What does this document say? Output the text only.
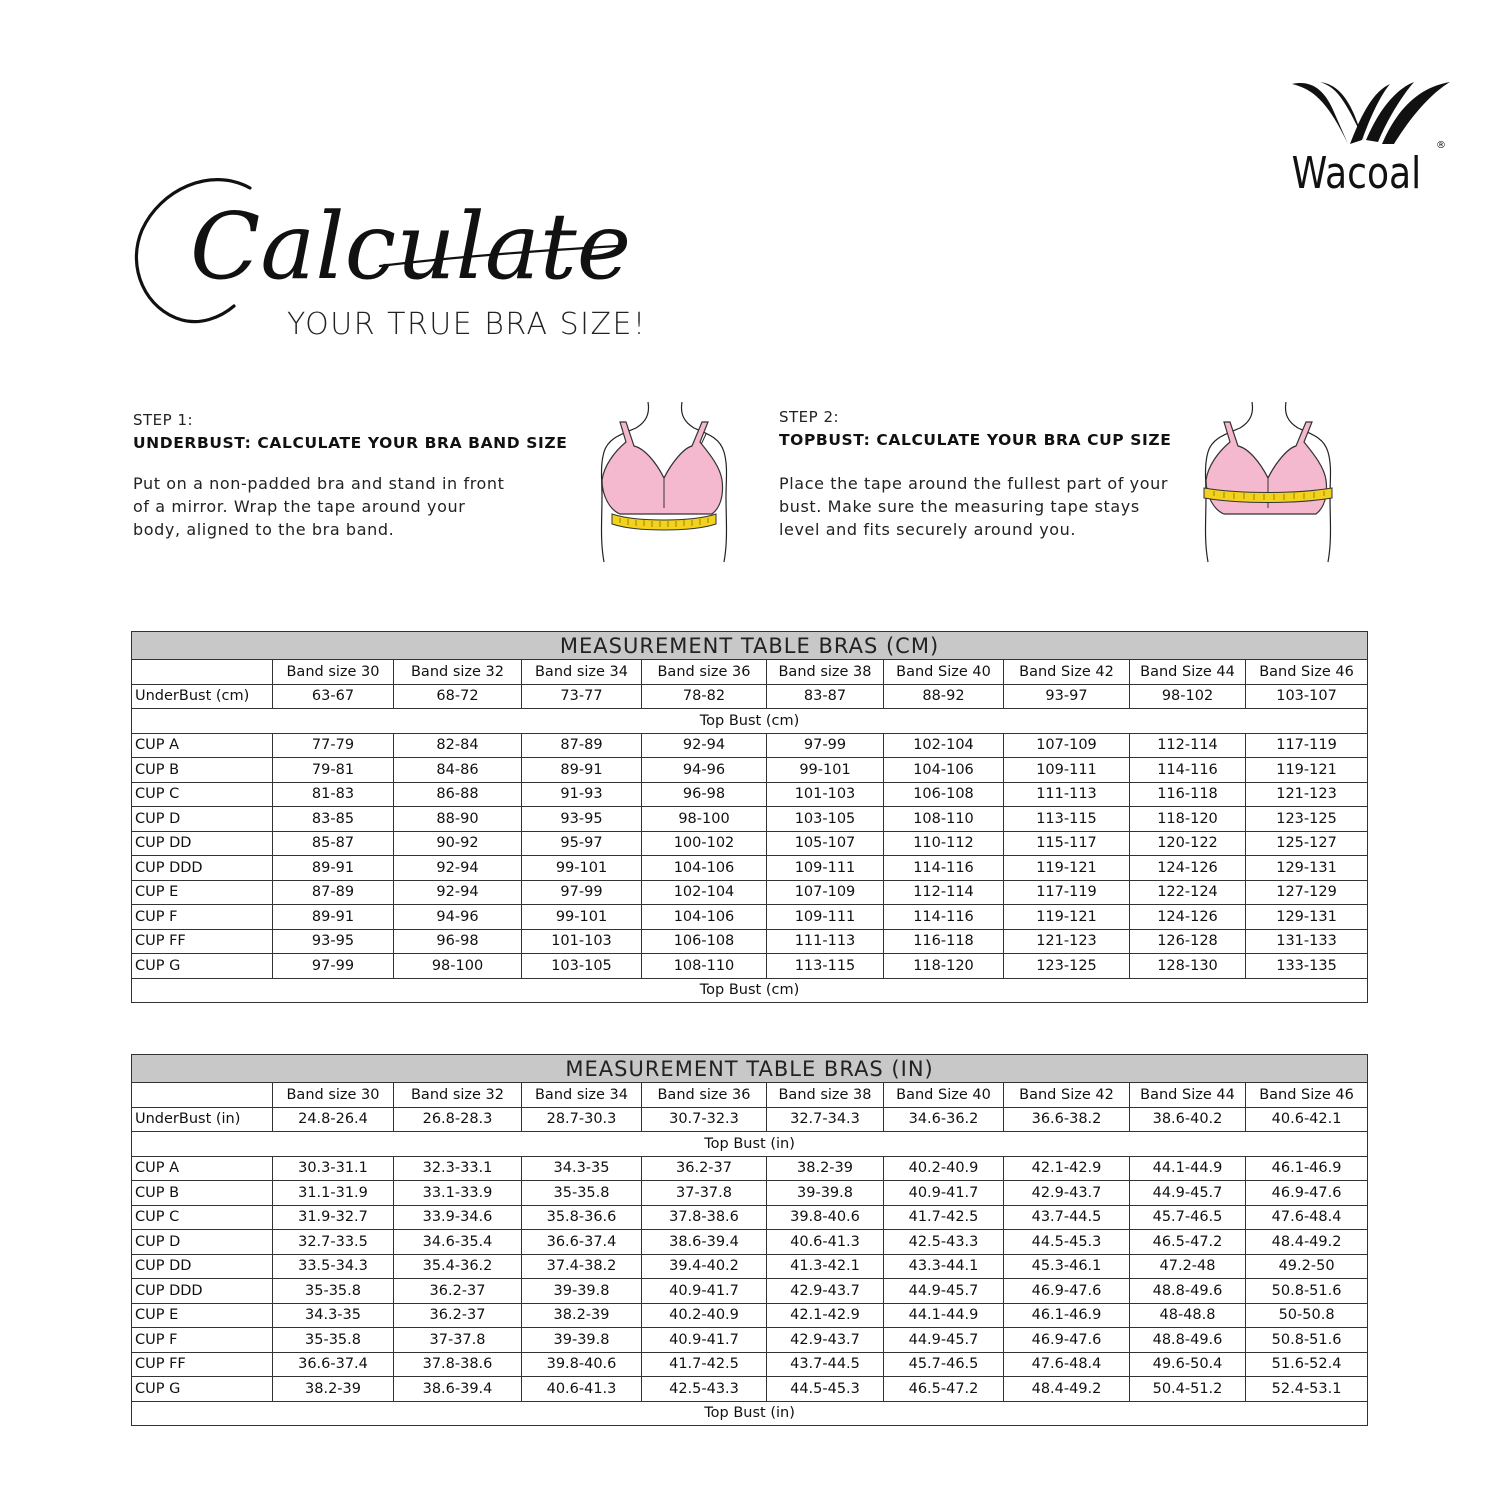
®
Wacoal
Calculate
YOUR TRUE BRA SIZE!
STEP 1:
UNDERBUST: CALCULATE YOUR BRA BAND SIZE
Put on a non-padded bra and stand in front
of a mirror. Wrap the tape around your
body, aligned to the bra band.
STEP 2:
TOPBUST: CALCULATE YOUR BRA CUP SIZE
Place the tape around the fullest part of your
bust. Make sure the measuring tape stays
level and fits securely around you.
MEASUREMENT TABLE BRAS (CM)									
	Band size 30	Band size 32	Band size 34	Band size 36	Band size 38	Band Size 40	Band Size 42	Band Size 44	Band Size 46
UnderBust (cm)	63-67	68-72	73-77	78-82	83-87	88-92	93-97	98-102	103-107
Top Bust (cm)									
CUP A	77-79	82-84	87-89	92-94	97-99	102-104	107-109	112-114	117-119
CUP B	79-81	84-86	89-91	94-96	99-101	104-106	109-111	114-116	119-121
CUP C	81-83	86-88	91-93	96-98	101-103	106-108	111-113	116-118	121-123
CUP D	83-85	88-90	93-95	98-100	103-105	108-110	113-115	118-120	123-125
CUP DD	85-87	90-92	95-97	100-102	105-107	110-112	115-117	120-122	125-127
CUP DDD	89-91	92-94	99-101	104-106	109-111	114-116	119-121	124-126	129-131
CUP E	87-89	92-94	97-99	102-104	107-109	112-114	117-119	122-124	127-129
CUP F	89-91	94-96	99-101	104-106	109-111	114-116	119-121	124-126	129-131
CUP FF	93-95	96-98	101-103	106-108	111-113	116-118	121-123	126-128	131-133
CUP G	97-99	98-100	103-105	108-110	113-115	118-120	123-125	128-130	133-135
Top Bust (cm)									
MEASUREMENT TABLE BRAS (IN)									
	Band size 30	Band size 32	Band size 34	Band size 36	Band size 38	Band Size 40	Band Size 42	Band Size 44	Band Size 46
UnderBust (in)	24.8-26.4	26.8-28.3	28.7-30.3	30.7-32.3	32.7-34.3	34.6-36.2	36.6-38.2	38.6-40.2	40.6-42.1
Top Bust (in)									
CUP A	30.3-31.1	32.3-33.1	34.3-35	36.2-37	38.2-39	40.2-40.9	42.1-42.9	44.1-44.9	46.1-46.9
CUP B	31.1-31.9	33.1-33.9	35-35.8	37-37.8	39-39.8	40.9-41.7	42.9-43.7	44.9-45.7	46.9-47.6
CUP C	31.9-32.7	33.9-34.6	35.8-36.6	37.8-38.6	39.8-40.6	41.7-42.5	43.7-44.5	45.7-46.5	47.6-48.4
CUP D	32.7-33.5	34.6-35.4	36.6-37.4	38.6-39.4	40.6-41.3	42.5-43.3	44.5-45.3	46.5-47.2	48.4-49.2
CUP DD	33.5-34.3	35.4-36.2	37.4-38.2	39.4-40.2	41.3-42.1	43.3-44.1	45.3-46.1	47.2-48	49.2-50
CUP DDD	35-35.8	36.2-37	39-39.8	40.9-41.7	42.9-43.7	44.9-45.7	46.9-47.6	48.8-49.6	50.8-51.6
CUP E	34.3-35	36.2-37	38.2-39	40.2-40.9	42.1-42.9	44.1-44.9	46.1-46.9	48-48.8	50-50.8
CUP F	35-35.8	37-37.8	39-39.8	40.9-41.7	42.9-43.7	44.9-45.7	46.9-47.6	48.8-49.6	50.8-51.6
CUP FF	36.6-37.4	37.8-38.6	39.8-40.6	41.7-42.5	43.7-44.5	45.7-46.5	47.6-48.4	49.6-50.4	51.6-52.4
CUP G	38.2-39	38.6-39.4	40.6-41.3	42.5-43.3	44.5-45.3	46.5-47.2	48.4-49.2	50.4-51.2	52.4-53.1
Top Bust (in)									
